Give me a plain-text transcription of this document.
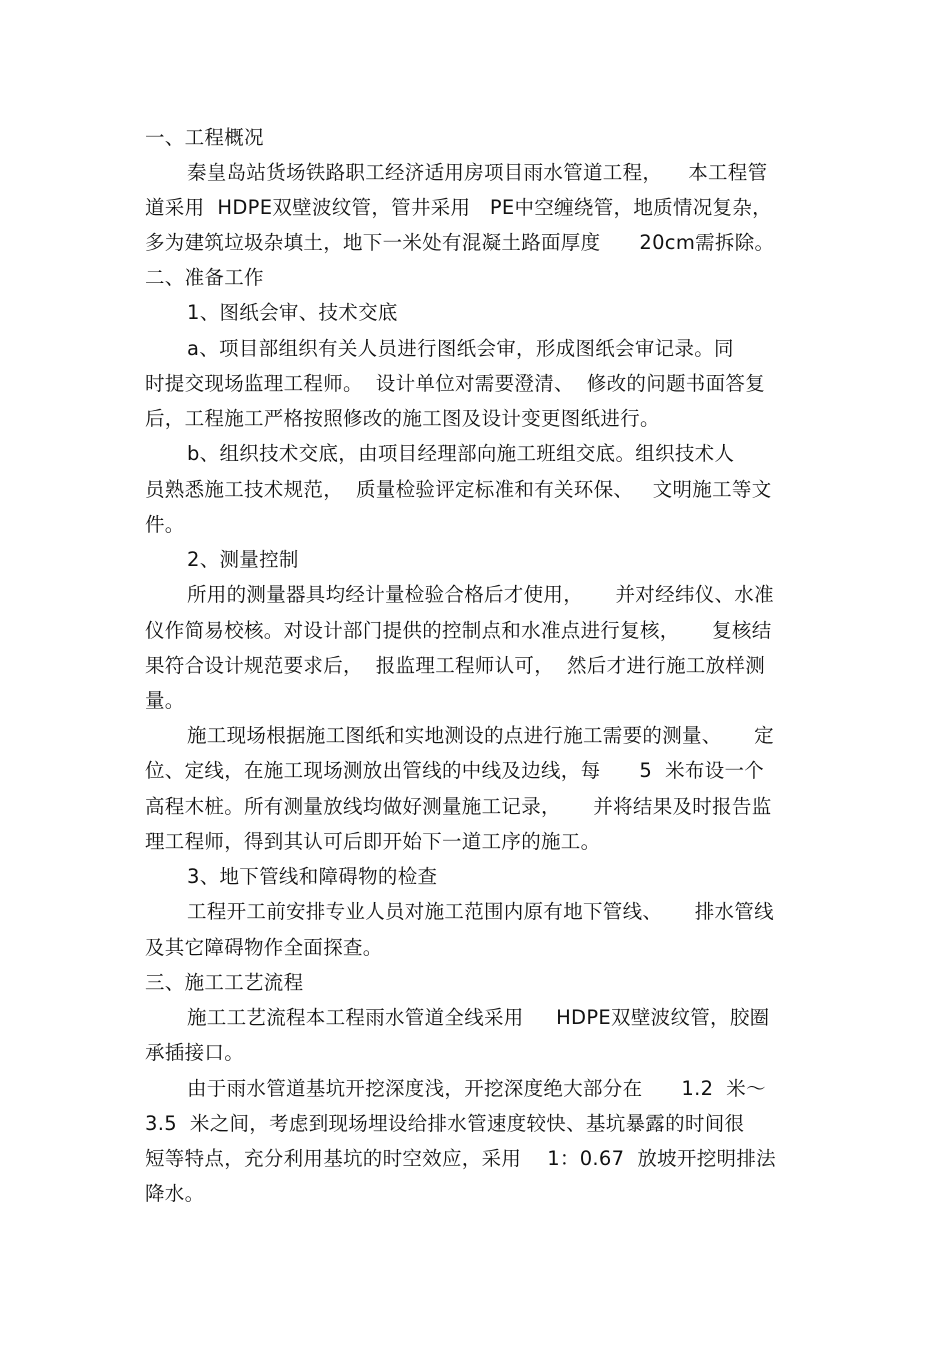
一、工程概况
秦皇岛站货场铁路职工经济适用房项目雨水管道工程，    本工程管
道采用  HDPE双壁波纹管，管井采用   PE中空缠绕管，地质情况复杂，
多为建筑垃圾杂填土，地下一米处有混凝土路面厚度      20cm需拆除。
二、准备工作
1、图纸会审、技术交底
a、项目部组织有关人员进行图纸会审，形成图纸会审记录。同
时提交现场监理工程师。  设计单位对需要澄清、  修改的问题书面答复
后，工程施工严格按照修改的施工图及设计变更图纸进行。
b、组织技术交底，由项目经理部向施工班组交底。组织技术人
员熟悉施工技术规范，  质量检验评定标准和有关环保、   文明施工等文
件。
2、测量控制
所用的测量器具均经计量检验合格后才使用，     并对经纬仪、水准
仪作简易校核。对设计部门提供的控制点和水准点进行复核，     复核结
果符合设计规范要求后，  报监理工程师认可，  然后才进行施工放样测
量。
施工现场根据施工图纸和实地测设的点进行施工需要的测量、     定
位、定线，在施工现场测放出管线的中线及边线，每      5  米布设一个
高程木桩。所有测量放线均做好测量施工记录，     并将结果及时报告监
理工程师，得到其认可后即开始下一道工序的施工。
3、地下管线和障碍物的检查
工程开工前安排专业人员对施工范围内原有地下管线、     排水管线
及其它障碍物作全面探查。
三、施工工艺流程
施工工艺流程本工程雨水管道全线采用     HDPE双壁波纹管，胶圈
承插接口。
由于雨水管道基坑开挖深度浅，开挖深度绝大部分在      1.2  米～
3.5  米之间，考虑到现场埋设给排水管速度较快、基坑暴露的时间很
短等特点，充分利用基坑的时空效应，采用    1：0.67  放坡开挖明排法
降水。
